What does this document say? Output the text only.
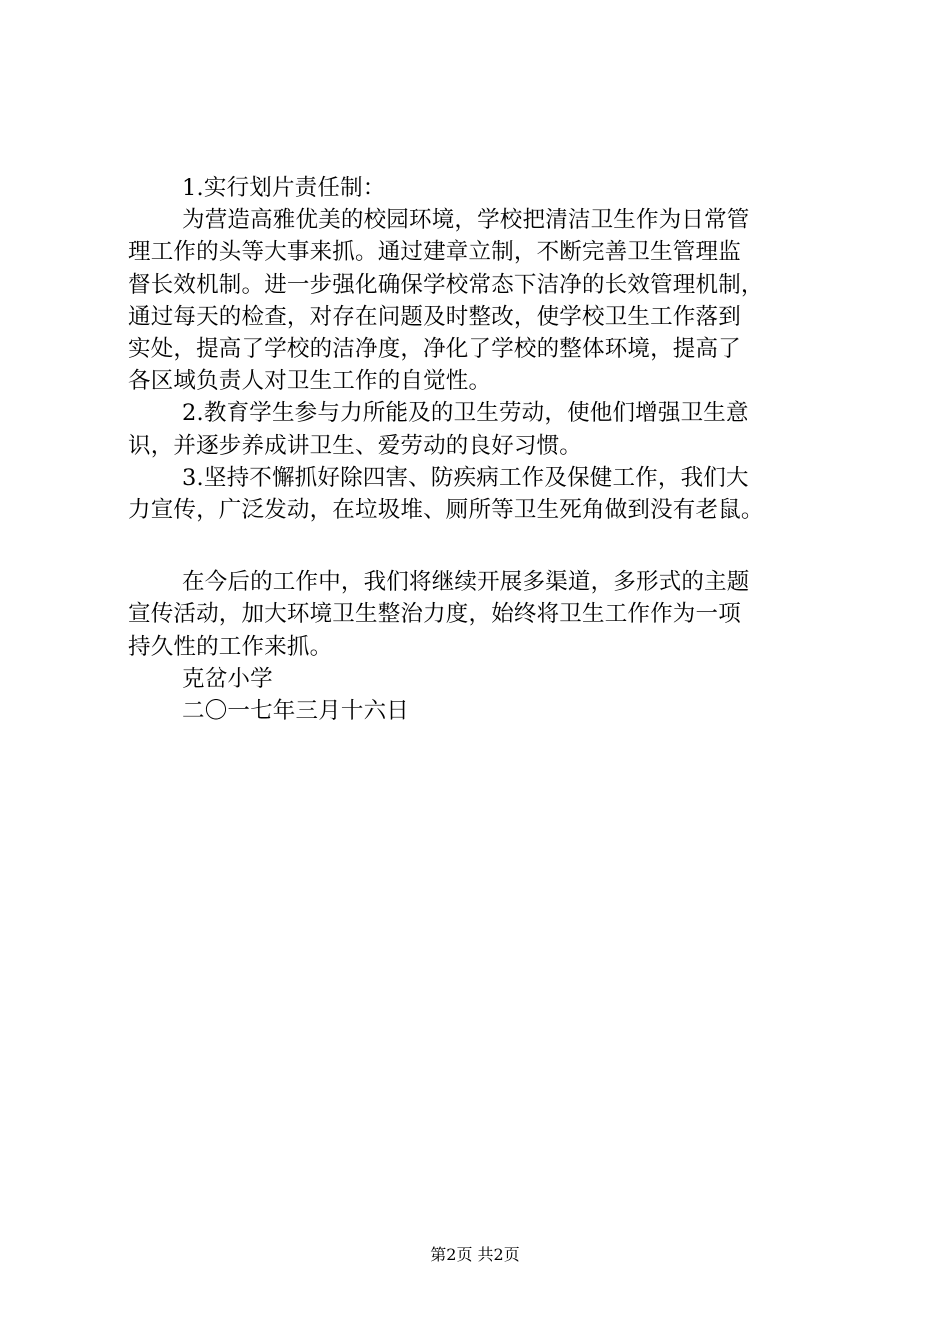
1.实行划片责任制：
为营造高雅优美的校园环境，学校把清洁卫生作为日常管
理工作的头等大事来抓。通过建章立制，不断完善卫生管理监
督长效机制。进一步强化确保学校常态下洁净的长效管理机制，
通过每天的检查，对存在问题及时整改，使学校卫生工作落到
实处，提高了学校的洁净度，净化了学校的整体环境，提高了
各区域负责人对卫生工作的自觉性。
2.教育学生参与力所能及的卫生劳动，使他们增强卫生意
识，并逐步养成讲卫生、爱劳动的良好习惯。
3.坚持不懈抓好除四害、防疾病工作及保健工作，我们大
力宣传，广泛发动，在垃圾堆、厕所等卫生死角做到没有老鼠。
在今后的工作中，我们将继续开展多渠道，多形式的主题
宣传活动，加大环境卫生整治力度，始终将卫生工作作为一项
持久性的工作来抓。
克岔小学
二〇一七年三月十六日
第2页 共2页
